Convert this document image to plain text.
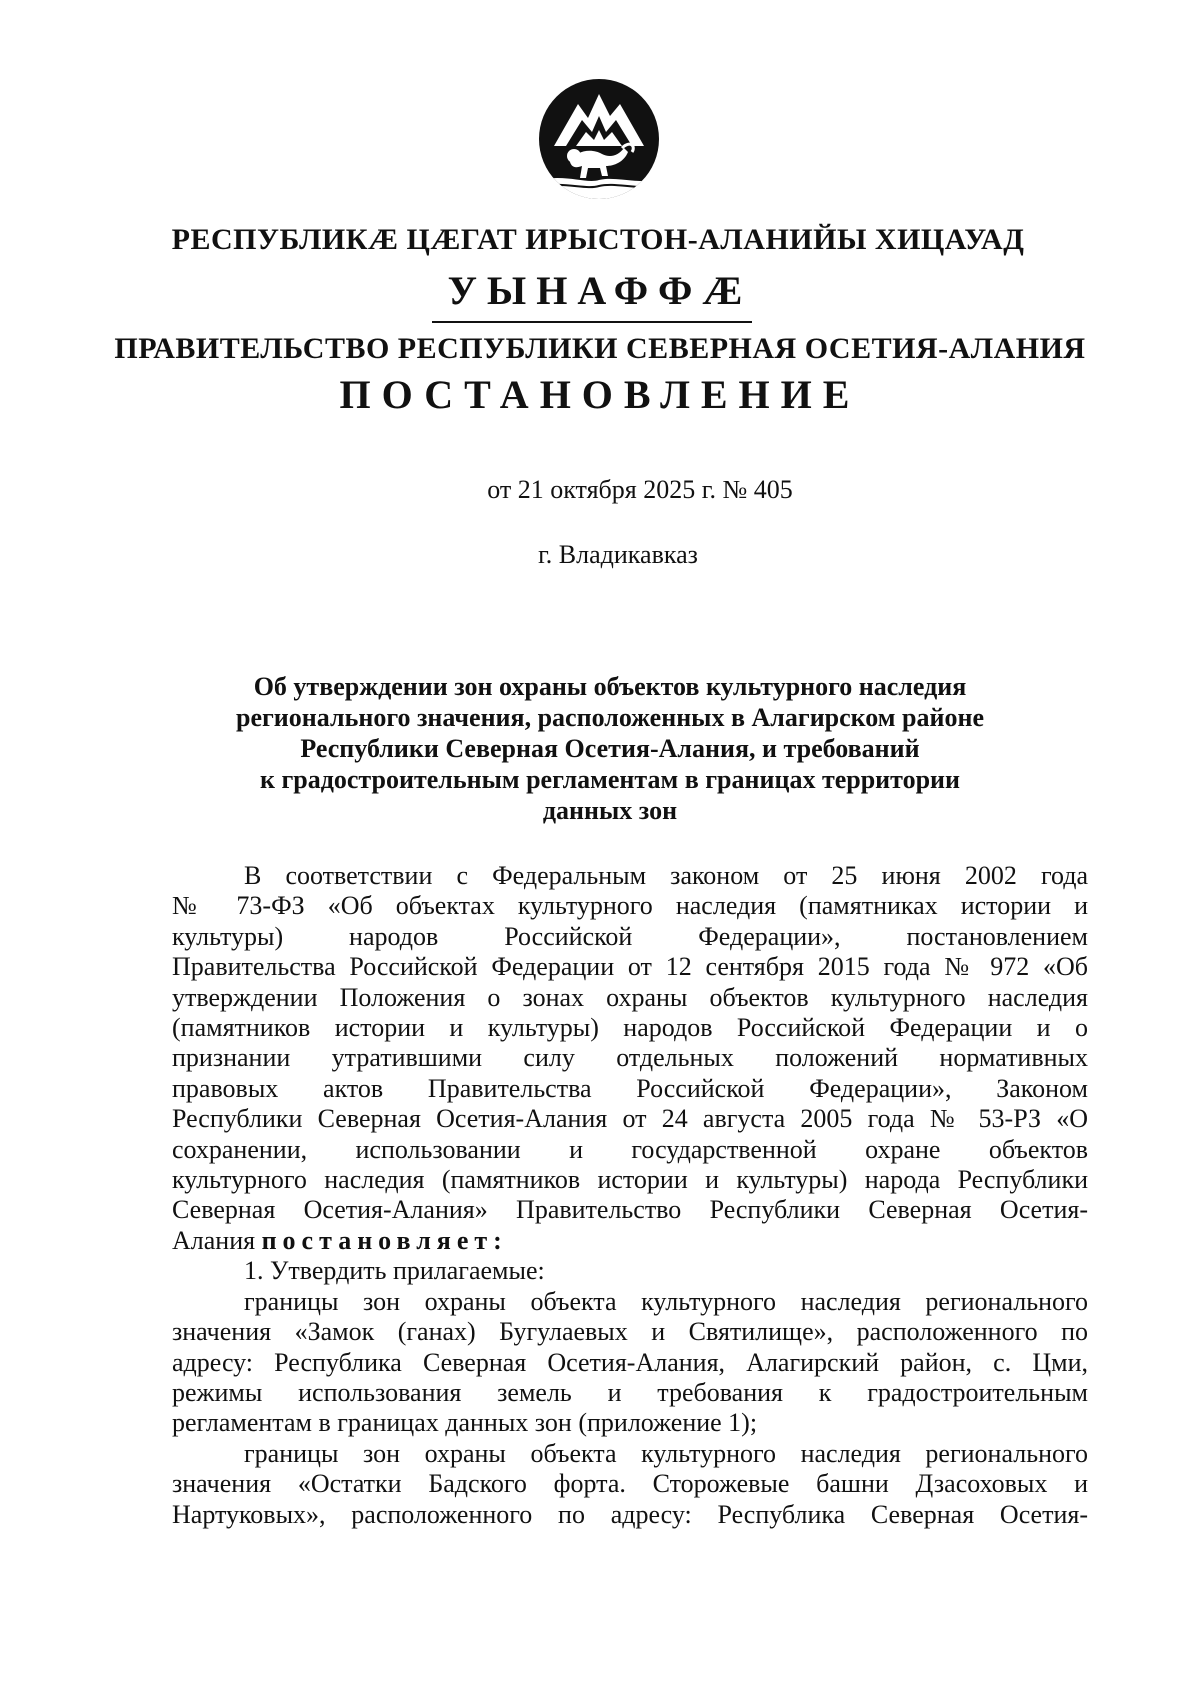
РЕСПУБЛИКӔ ЦӔГАТ ИРЫСТОН-АЛАНИЙЫ ХИЦАУАД
УЫНАФФӔ
ПРАВИТЕЛЬСТВО РЕСПУБЛИКИ СЕВЕРНАЯ ОСЕТИЯ-АЛАНИЯ
ПОСТАНОВЛЕНИЕ
от 21 октября 2025 г. № 405
г. Владикавказ
Об утверждении зон охраны объектов культурного наследия
регионального значения, расположенных в Алагирском районе
Республики Северная Осетия-Алания, и требований
к градостроительным регламентам в границах территории
данных зон
В соответствии с Федеральным законом от 25 июня 2002 года
№ 73-ФЗ «Об объектах культурного наследия (памятниках истории и
культуры) народов Российской Федерации», постановлением
Правительства Российской Федерации от 12 сентября 2015 года № 972 «Об
утверждении Положения о зонах охраны объектов культурного наследия
(памятников истории и культуры) народов Российской Федерации и о
признании утратившими силу отдельных положений нормативных
правовых актов Правительства Российской Федерации», Законом
Республики Северная Осетия-Алания от 24 августа 2005 года № 53-РЗ «О
сохранении, использовании и государственной охране объектов
культурного наследия (памятников истории и культуры) народа Республики
Северная Осетия-Алания» Правительство Республики Северная Осетия-
Алания постановляет:
1. Утвердить прилагаемые:
границы зон охраны объекта культурного наследия регионального
значения «Замок (ганах) Бугулаевых и Святилище», расположенного по
адресу: Республика Северная Осетия-Алания, Алагирский район, с. Цми,
режимы использования земель и требования к градостроительным
регламентам в границах данных зон (приложение 1);
границы зон охраны объекта культурного наследия регионального
значения «Остатки Бадского форта. Сторожевые башни Дзасоховых и
Нартуковых», расположенного по адресу: Республика Северная Осетия-
